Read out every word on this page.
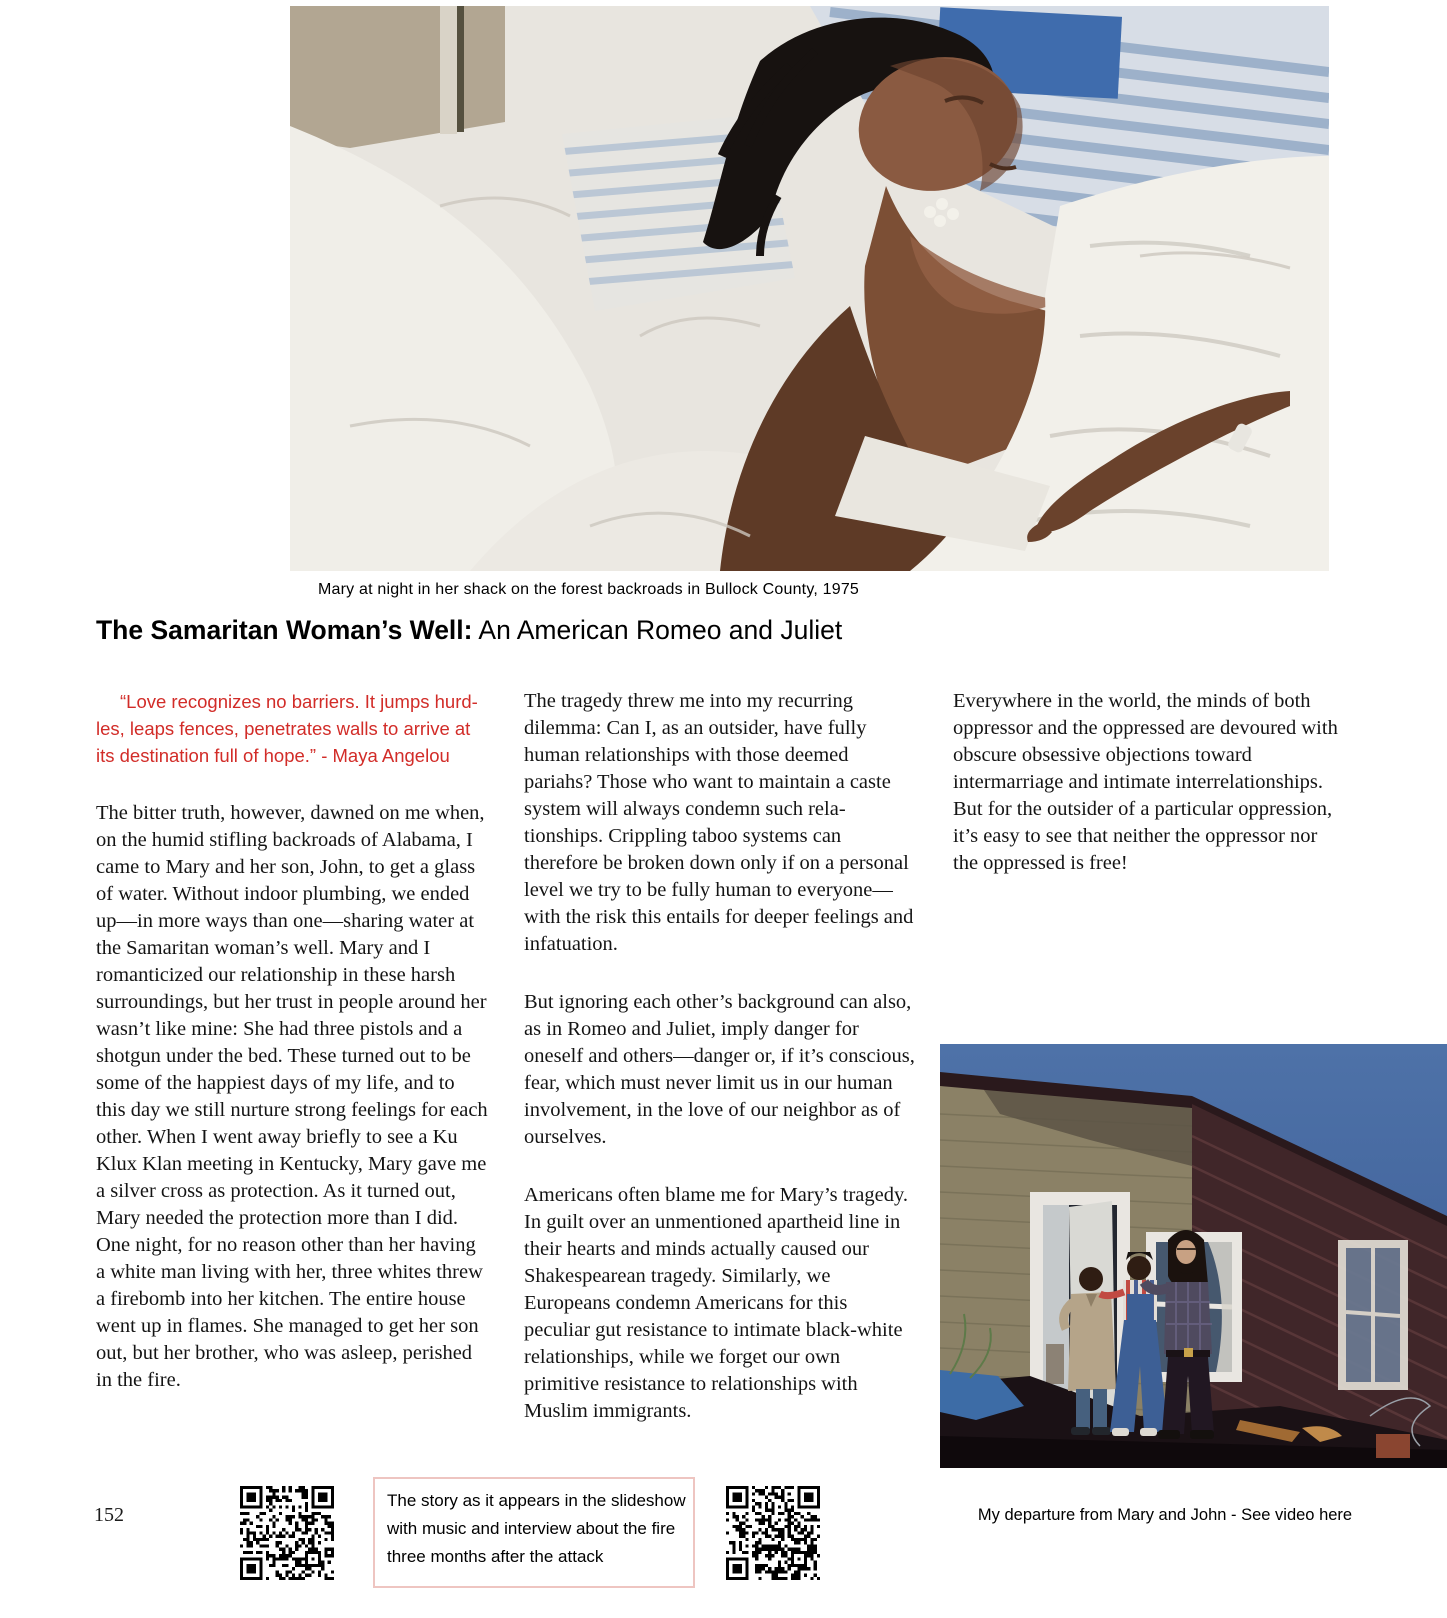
Mary at night in her shack on the forest backroads in Bullock County, 1975
The Samaritan Woman’s Well: An American Romeo and Juliet

“Love recognizes no barriers. It jumps hurdles, leaps fences, penetrates walls to arrive at its destination full of hope.” - Maya Angelou

The bitter truth, however, dawned on me when, on the humid stifling backroads of Alabama, I came to Mary and her son, John, to get a glass of water. Without indoor plumbing, we ended up—in more ways than one—sharing water at the Samaritan woman’s well. Mary and I romanticized our relationship in these harsh surroundings, but her trust in people around her wasn’t like mine: She had three pistols and a shotgun under the bed. These turned out to be some of the happiest days of my life, and to this day we still nurture strong feelings for each other. When I went away briefly to see a Ku Klux Klan meeting in Kentucky, Mary gave me a silver cross as protection. As it turned out, Mary needed the protection more than I did. One night, for no reason other than her having a white man living with her, three whites threw a firebomb into her kitchen. The entire house went up in flames. She managed to get her son out, but her brother, who was asleep, perished in the fire.

The tragedy threw me into my recurring dilemma: Can I, as an outsider, have fully human relationships with those deemed pariahs? Those who want to maintain a caste system will always condemn such relationships. Crippling taboo systems can therefore be broken down only if on a personal level we try to be fully human to everyone—with the risk this entails for deeper feelings and infatuation.

But ignoring each other’s background can also, as in Romeo and Juliet, imply danger for oneself and others—danger or, if it’s conscious, fear, which must never limit us in our human involvement, in the love of our neighbor as of ourselves.

Americans often blame me for Mary’s tragedy. In guilt over an unmentioned apartheid line in their hearts and minds actually caused our Shakespearean tragedy. Similarly, we Europeans condemn Americans for this peculiar gut resistance to intimate black-white relationships, while we forget our own primitive resistance to relationships with Muslim immigrants.

Everywhere in the world, the minds of both oppressor and the oppressed are devoured with obscure obsessive objections toward intermarriage and intimate interrelationships. But for the outsider of a particular oppression, it’s easy to see that neither the oppressor nor the oppressed is free!

My departure from Mary and John - See video here
152

The story as it appears in the slideshow with music and interview about the fire three months after the attack
